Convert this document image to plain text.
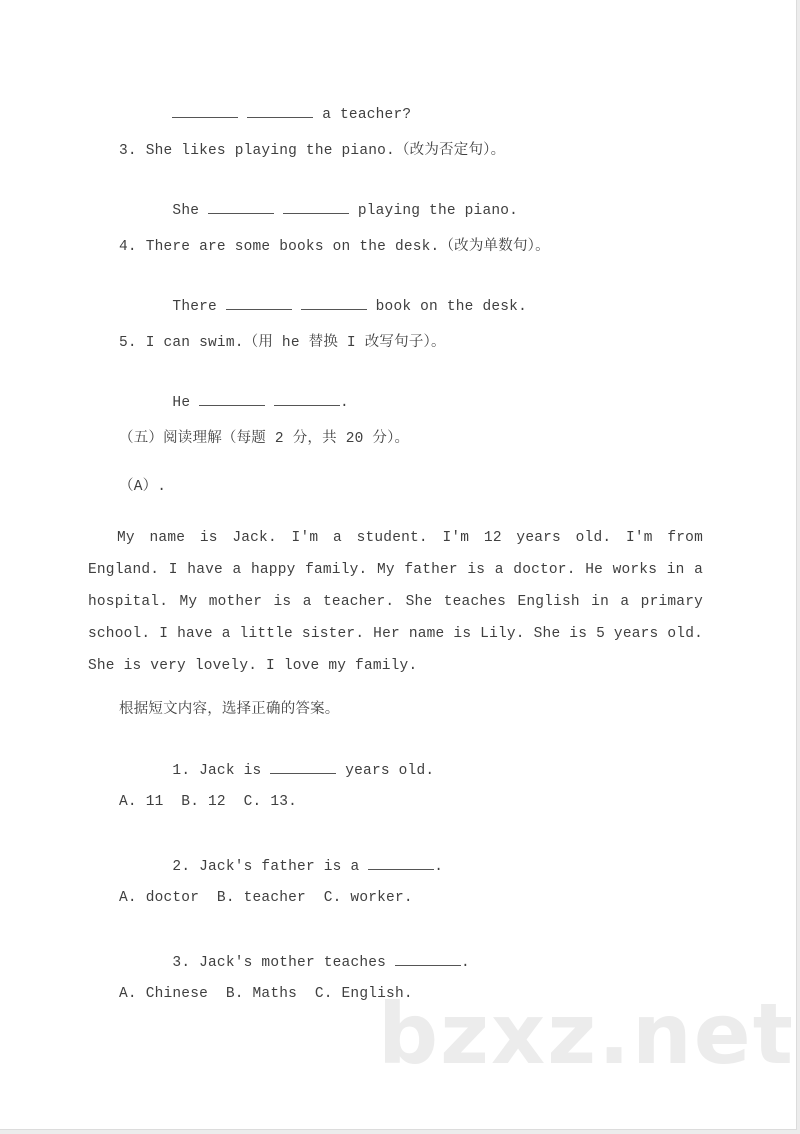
bzxz.net

a teacher?

3. She likes playing the piano.（改为否定句）。

She	playing the piano.

4. There are some books on the desk.（改为单数句）。

There	book on the desk.

5. I can swim.（用 he 替换 I 改写句子）。

He	.

（五）阅读理解（每题 2 分，共 20 分）。
（A）.
My name is Jack. I'm a student. I'm 12 years old. I'm from England. I have a happy family. My father is a doctor. He works in a hospital. My mother is a teacher. She teaches English in a primary school. I have a little sister. Her name is Lily. She is 5 years old. She is very lovely. I love my family.
根据短文内容，选择正确的答案。

1. Jack is	years old.

A. 11  B. 12  C. 13.

2. Jack's father is a	.

A. doctor  B. teacher  C. worker.

3. Jack's mother teaches	.

A. Chinese  B. Maths  C. English.
